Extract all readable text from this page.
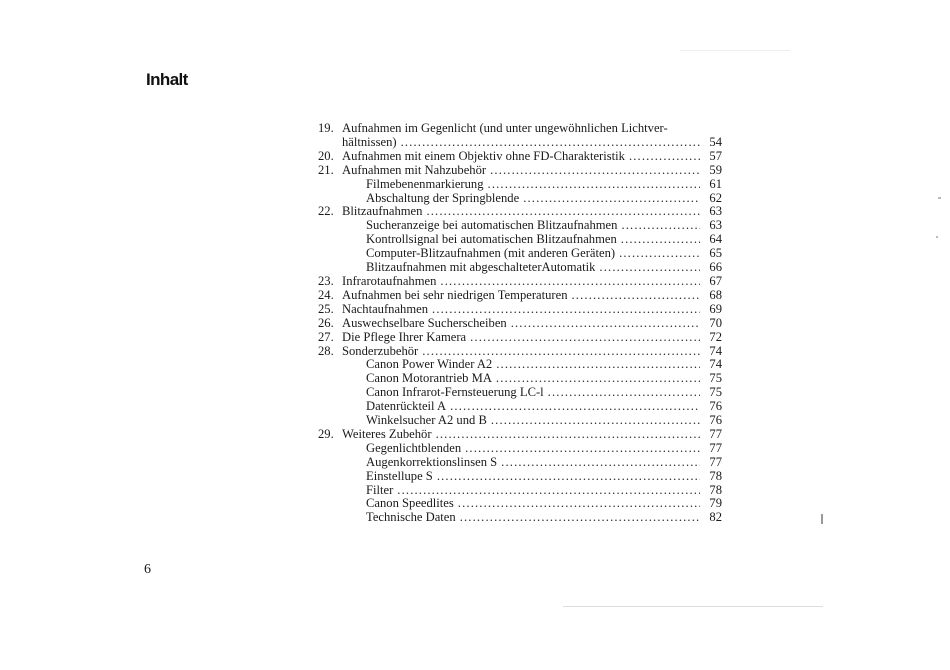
Inhalt
19. Aufnahmen im Gegenlicht (und unter ungewöhnlichen Lichtver-
hältnissen) . . .	54
20. Aufnahmen mit einem Objektiv ohne FD-Charakteristik . . .	57
21. Aufnahmen mit Nahzubehör . . .	59
Filmebenenmarkierung . . .	61
Abschaltung der Springblende . . .	62
22. Blitzaufnahmen . . .	63
Sucheranzeige bei automatischen Blitzaufnahmen . . .	63
Kontrollsignal bei automatischen Blitzaufnahmen . . .	64
Computer-Blitzaufnahmen (mit anderen Geräten) . . .	65
Blitzaufnahmen mit abgeschalteterAutomatik . . .	66
23. Infrarotaufnahmen . . .	67
24. Aufnahmen bei sehr niedrigen Temperaturen . . .	68
25. Nachtaufnahmen . . .	69
26. Auswechselbare Sucherscheiben . . .	70
27. Die Pflege Ihrer Kamera . . .	72
28. Sonderzubehör . . .	74
Canon Power Winder A2 . . .	74
Canon Motorantrieb MA . . .	75
Canon Infrarot-Fernsteuerung LC-l . . .	75
Datenrückteil A . . .	76
Winkelsucher A2 und B . . .	76
29. Weiteres Zubehör . . .	77
Gegenlichtblenden . . .	77
Augenkorrektionslinsen S . . .	77
Einstellupe S . . .	78
Filter . . .	78
Canon Speedlites . . .	79
Technische Daten . . .	82
6
